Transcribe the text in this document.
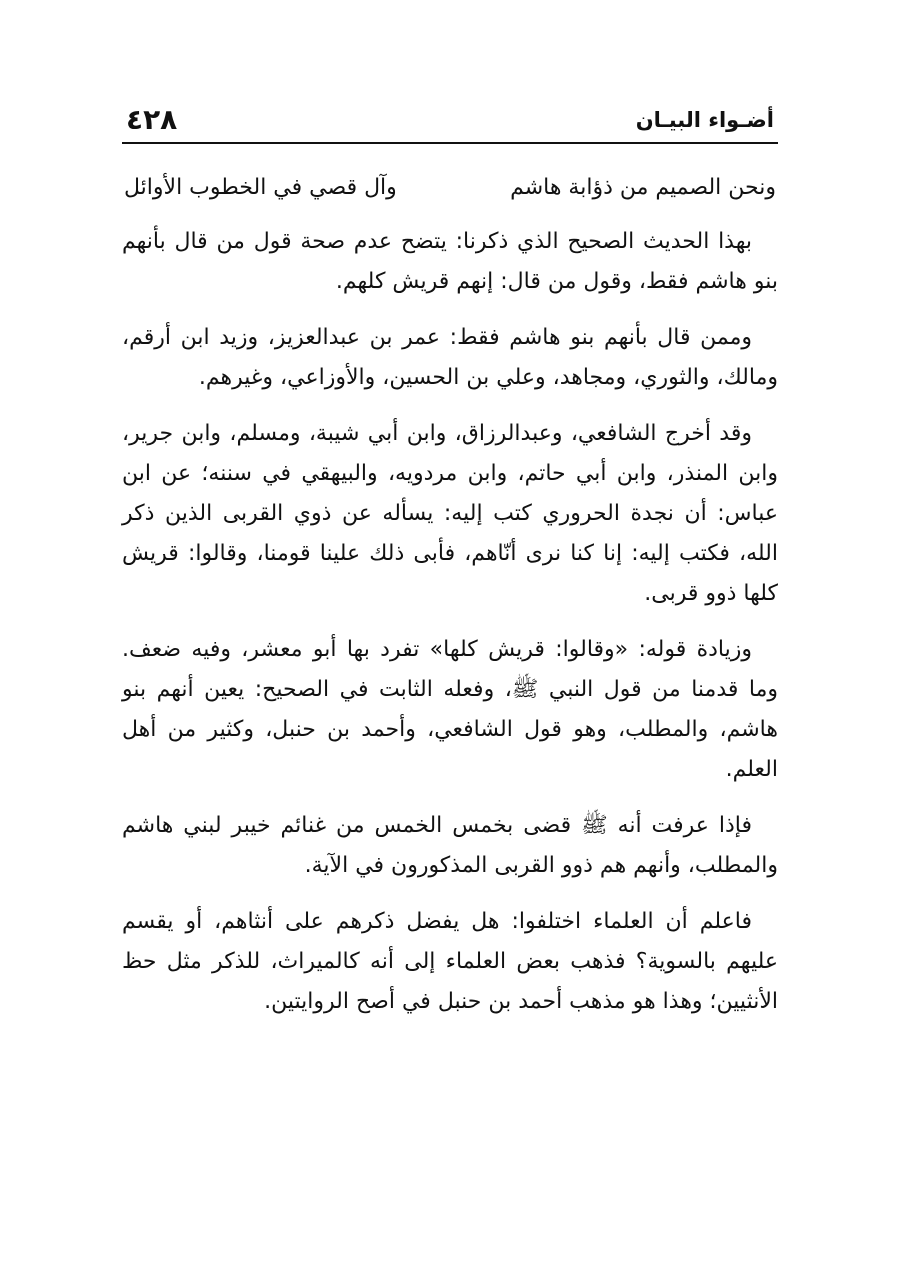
أضـواء البيـان
٤٢٨
ونحن الصميم من ذؤابة هاشم
وآل قصي في الخطوب الأوائل

بهذا الحديث الصحيح الذي ذكرنا: يتضح عدم صحة قول من قال بأنهم بنو هاشم فقط، وقول من قال: إنهم قريش كلهم.

وممن قال بأنهم بنو هاشم فقط: عمر بن عبدالعزيز، وزيد ابن أرقم، ومالك، والثوري، ومجاهد، وعلي بن الحسين، والأوزاعي، وغيرهم.

وقد أخرج الشافعي، وعبدالرزاق، وابن أبي شيبة، ومسلم، وابن جرير، وابن المنذر، وابن أبي حاتم، وابن مردويه، والبيهقي في سننه؛ عن ابن عباس: أن نجدة الحروري كتب إليه: يسأله عن ذوي القربى الذين ذكر الله، فكتب إليه: إنا كنا نرى أنّاهم، فأبى ذلك علينا قومنا، وقالوا: قريش كلها ذوو قربى.

وزيادة قوله: «وقالوا: قريش كلها» تفرد بها أبو معشر، وفيه ضعف. وما قدمنا من قول النبي ﷺ، وفعله الثابت في الصحيح: يعين أنهم بنو هاشم، والمطلب، وهو قول الشافعي، وأحمد بن حنبل، وكثير من أهل العلم.

فإذا عرفت أنه ﷺ قضى بخمس الخمس من غنائم خيبر لبني هاشم والمطلب، وأنهم هم ذوو القربى المذكورون في الآية.

فاعلم أن العلماء اختلفوا: هل يفضل ذكرهم على أنثاهم، أو يقسم عليهم بالسوية؟ فذهب بعض العلماء إلى أنه كالميراث، للذكر مثل حظ الأنثيين؛ وهذا هو مذهب أحمد بن حنبل في أصح الروايتين.
